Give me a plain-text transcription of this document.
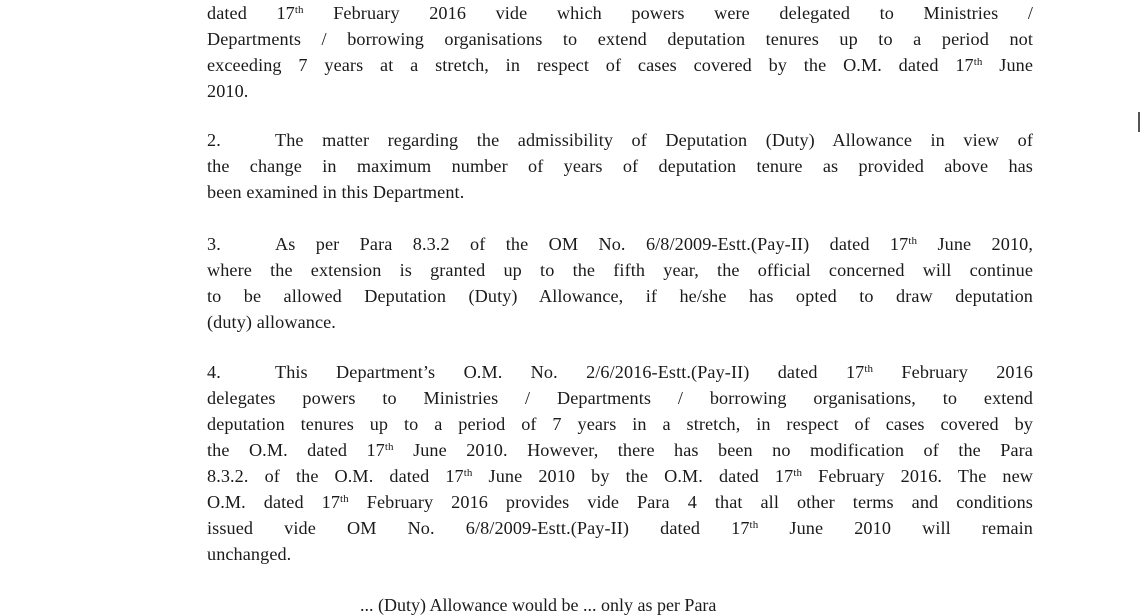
dated 17th February 2016 vide which powers were delegated to Ministries /
Departments / borrowing organisations to extend deputation tenures up to a period not
exceeding 7 years at a stretch, in respect of cases covered by the O.M. dated 17th June
2010.
2.	The matter regarding the admissibility of Deputation (Duty) Allowance in view of
the change in maximum number of years of deputation tenure as provided above has
been examined in this Department.
3.	As per Para 8.3.2 of the OM No. 6/8/2009-Estt.(Pay-II) dated 17th June 2010,
where the extension is granted up to the fifth year, the official concerned will continue
to be allowed Deputation (Duty) Allowance, if he/she has opted to draw deputation
(duty) allowance.
4.	This Department’s O.M. No. 2/6/2016-Estt.(Pay-II) dated 17th February 2016
delegates powers to Ministries / Departments / borrowing organisations, to extend
deputation tenures up to a period of 7 years in a stretch, in respect of cases covered by
the O.M. dated 17th June 2010. However, there has been no modification of the Para
8.3.2. of the O.M. dated 17th June 2010 by the O.M. dated 17th February 2016. The new
O.M. dated 17th February 2016 provides vide Para 4 that all other terms and conditions
issued vide OM No. 6/8/2009-Estt.(Pay-II) dated 17th June 2010 will remain
unchanged.
... (Duty) Allowance would be ... only as per Para
